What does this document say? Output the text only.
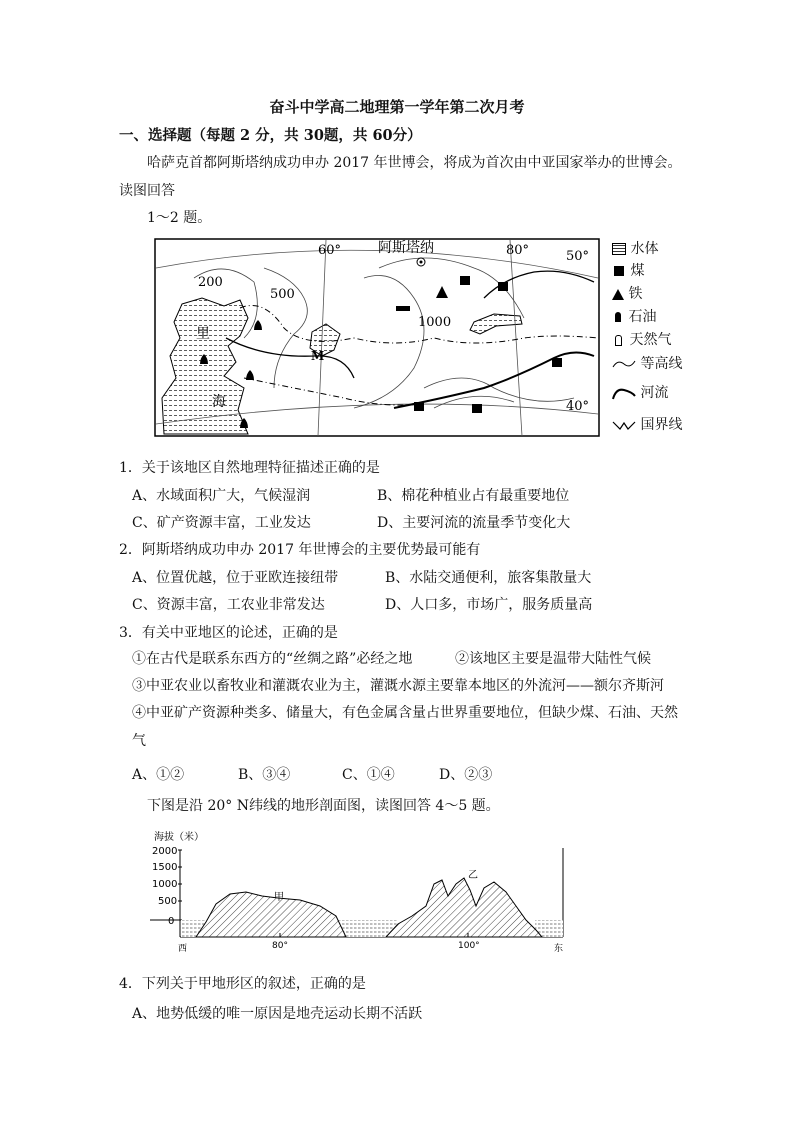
奋斗中学高二地理第一学年第二次月考
一、选择题（每题 2 分，共 30题，共 60分）
哈萨克首都阿斯塔纳成功申办 2017 年世博会，将成为首次由中亚国家举办的世博会。
读图回答
1～2 题。
阿斯塔纳
60°	80°	50°
40°
200
500
1000
里
海
M
水体
煤
铁
石油
天然气
等高线
河流
国界线
1．关于该地区自然地理特征描述正确的是
A、水域面积广大，气候湿润	B、棉花种植业占有最重要地位
C、矿产资源丰富，工业发达	D、主要河流的流量季节变化大
2．阿斯塔纳成功申办 2017 年世博会的主要优势最可能有
A、位置优越，位于亚欧连接纽带	B、水陆交通便利，旅客集散量大
C、资源丰富，工农业非常发达	D、人口多，市场广，服务质量高
3．有关中亚地区的论述，正确的是
①在古代是联系东西方的“丝绸之路”必经之地	②该地区主要是温带大陆性气候
③中亚农业以畜牧业和灌溉农业为主，灌溉水源主要靠本地区的外流河——额尔齐斯河
④中亚矿产资源种类多、储量大，有色金属含量占世界重要地位，但缺少煤、石油、天然
气
A、①②	B、③④	C、①④	D、②③
下图是沿 20° N纬线的地形剖面图，读图回答 4～5 题。
海拔（米）
2000
1500
1000
500
0
甲
乙
80°	100°
西	东
4．下列关于甲地形区的叙述，正确的是
A、地势低缓的唯一原因是地壳运动长期不活跃
